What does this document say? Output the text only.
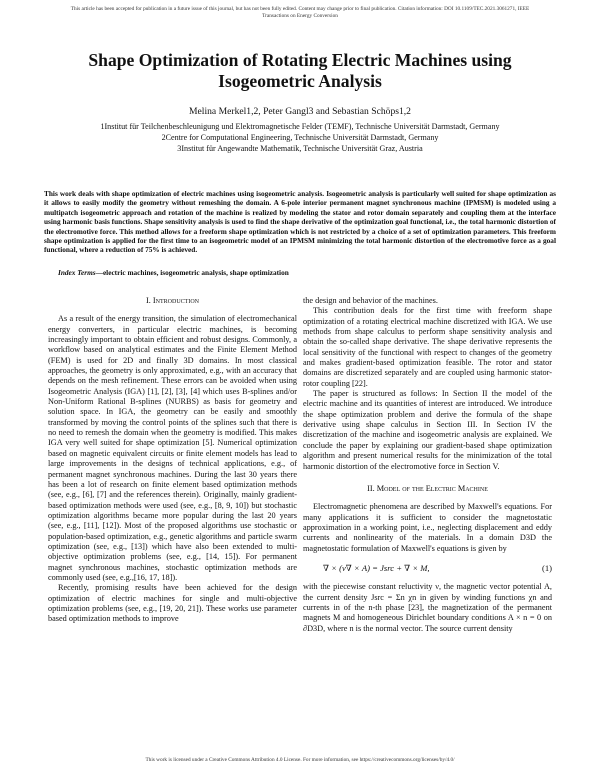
This article has been accepted for publication in a future issue of this journal, but has not been fully edited. Content may change prior to final publication. Citation information: DOI 10.1109/TEC.2021.3061271, IEEE
Transactions on Energy Conversion
Shape Optimization of Rotating Electric Machines using Isogeometric Analysis
Melina Merkel1,2, Peter Gangl3 and Sebastian Schöps1,2
1Institut für Teilchenbeschleunigung und Elektromagnetische Felder (TEMF), Technische Universität Darmstadt, Germany
2Centre for Computational Engineering, Technische Universität Darmstadt, Germany
3Institut für Angewandte Mathematik, Technische Universität Graz, Austria
This work deals with shape optimization of electric machines using isogeometric analysis. Isogeometric analysis is particularly well suited for shape optimization as it allows to easily modify the geometry without remeshing the domain. A 6-pole interior permanent magnet synchronous machine (IPMSM) is modeled using a multipatch isogeometric approach and rotation of the machine is realized by modeling the stator and rotor domain separately and coupling them at the interface using harmonic basis functions. Shape sensitivity analysis is used to find the shape derivative of the optimization goal functional, i.e., the total harmonic distortion of the electromotive force. This method allows for a freeform shape optimization which is not restricted by a choice of a set of optimization parameters. This freeform shape optimization is applied for the first time to an isogeometric model of an IPMSM minimizing the total harmonic distortion of the electromotive force as a goal functional, where a reduction of 75% is achieved.
Index Terms—electric machines, isogeometric analysis, shape optimization
I. Introduction

As a result of the energy transition, the simulation of electromechanical energy converters, in particular electric machines, is becoming increasingly important to obtain efficient and robust designs. Commonly, a workflow based on analytical estimates and the Finite Element Method (FEM) is used for 2D and finally 3D domains. In most classical approaches, the geometry is only approximated, e.g., with an accuracy that depends on the mesh refinement. These errors can be avoided when using Isogeometric Analysis (IGA) [1], [2], [3], [4] which uses B-splines and/or Non-Uniform Rational B-splines (NURBS) as basis for geometry and solution space. In IGA, the geometry can be easily and smoothly transformed by moving the control points of the splines such that there is no need to remesh the domain when the geometry is modified. This makes IGA very well suited for shape optimization [5]. Numerical optimization based on magnetic equivalent circuits or finite element models has lead to large improvements in the designs of technical applications, e.g., of permanent magnet synchronous machines. During the last 30 years there has been a lot of research on finite element based optimization methods (see, e.g., [6], [7] and the references therein). Originally, mainly gradient-based optimization methods were used (see, e.g., [8, 9, 10]) but stochastic optimization algorithms became more popular during the last 20 years (see, e.g., [11], [12]). Most of the proposed algorithms use stochastic or population-based optimization, e.g., genetic algorithms and particle swarm optimization (see, e.g., [13]) which have also been extended to multi-objective optimization problems (see, e.g., [14, 15]). For permanent magnet synchronous machines, stochastic optimization methods are commonly used (see, e.g.,[16, 17, 18]).

Recently, promising results have been achieved for the design optimization of electric machines for single and multi-objective optimization problems (see, e.g., [19, 20, 21]). These works use parameter based optimization methods to improve

the design and behavior of the machines.

This contribution deals for the first time with freeform shape optimization of a rotating electrical machine discretized with IGA. We use methods from shape calculus to perform shape sensitivity analysis and obtain the so-called shape derivative. The shape derivative represents the local sensitivity of the functional with respect to changes of the geometry and makes gradient-based optimization feasible. The rotor and stator domains are discretized separately and are coupled using harmonic stator-rotor coupling [22].

The paper is structured as follows: In Section II the model of the electric machine and its quantities of interest are introduced. We introduce the shape optimization problem and derive the formula of the shape derivative using shape calculus in Section III. In Section IV the discretization of the machine and isogeometric analysis are explained. We conclude the paper by explaining our gradient-based shape optimization algorithm and present numerical results for the minimization of the total harmonic distortion of the electromotive force in Section V.

II. Model of the Electric Machine

Electromagnetic phenomena are described by Maxwell's equations. For many applications it is sufficient to consider the magnetostatic approximation in a working point, i.e., neglecting displacement and eddy currents and nonlinearity of the materials. In a domain D3D the magnetostatic formulation of Maxwell's equations is given by

∇ × (ν∇ × A) = Jsrc + ∇ × M,	(1)

with the piecewise constant reluctivity ν, the magnetic vector potential A, the current density Jsrc = Σn χn in given by winding functions χn and currents in of the n-th phase [23], the magnetization of the permanent magnets M and homogeneous Dirichlet boundary conditions A × n = 0 on ∂D3D, where n is the normal vector. The source current density

This work is licensed under a Creative Commons Attribution 4.0 License. For more information, see https://creativecommons.org/licenses/by/4.0/
